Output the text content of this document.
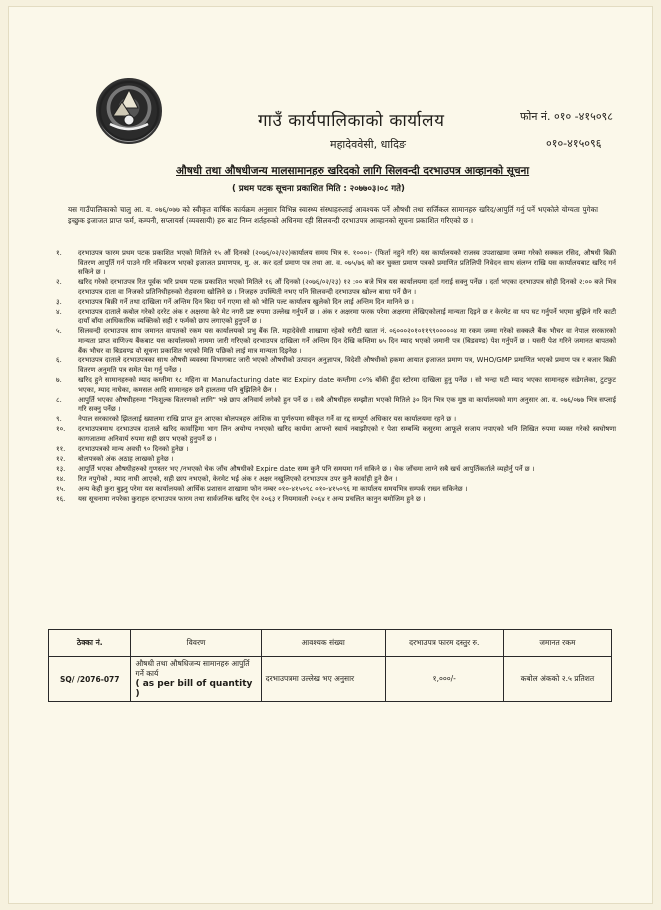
गाउँ कार्यपालिकाको कार्यालय
महादेववेसी, धादिङ
फोन नं. ०१० -४१५०९८
०१०-४१५०९६
औषधी तथा औषधीजन्य मालसामानहरु खरिदको लागि सिलवन्दी दरभाउपत्र आव्हानको सूचना
( प्रथम पटक सूचना प्रकाशित मिति : २०७७०३।०८ गते)
यस गाउँपालिकाको चालु आ. व. ०७६/०७७ को स्वीकृत वार्षिक कार्यक्रम अनुसार विभिन्न स्वास्थ्य संस्थाहरुलाई आवश्यक पर्ने औषधी तथा सर्जिकल सामानहरु खरिद/आपुर्ति गर्नु पर्ने भएकोले योग्यता पुगेका इच्छुक इजाजत प्राप्त फर्म, कम्पनी, सप्लायर्स (व्यवसायी) हरु बाट निम्न शर्तहरुको अधिनमा रही सिलवन्दी दरभाउपत्र आव्हानको सूचना प्रकाशित गरिएको छ ।
१.	दरभाउपत्र फारम प्रथम पटक प्रकाशित भएको मितिले १५ औं दिनको (२०७६/०२/२२)कार्यालय समय भित्र रु. १०००।- (फिर्ता नहुने गरि) यस कार्यालयको राजस्व उपशाखामा जम्मा गरेको सक्कल रसिद, औषधी बिक्री वितरण आपुर्ति गर्न पाउने गरि नविकरण भएको इजाजत प्रमाणपत्र, मु. अ. कर दर्ता प्रमाण पत्र तथा आ. व. ०७५/७६ को कर चुक्ता प्रमाण पत्रको प्रमाणित प्रतिलिपी निवेदन साथ संलग्न राखि यस कार्यालयबाट खरिद गर्न सकिने छ ।
२.	खरिद गरेको दरभाउपत्र रित पूर्वक भरि प्रथम पटक प्रकाशित भएको मितिले १६ औं दिनको (२०७६/०२/२३) १२ :०० बजे भित्र यस कार्यालयमा दर्ता गराई सक्नु पर्नेछ । दर्ता भएका दरभाउपत्र सोही दिनको २:०० बजे भित्र दरभाउपत्र दाता वा निजको प्रतिनिधीहरुको रोहवरमा खोलिने छ । निजहरु उपस्थिती नभए पनि सिलवन्दी दरभाउपत्र खोल्न बाधा पर्ने छैन ।
३.	दरभाउपत्र बिक्री गर्ने तथा दाखिला गर्ने अन्तिम दिन बिदा पर्न गएमा सो को भोलि पल्ट कार्यालय खुलेको दिन लाई अन्तिम दिन मानिने छ ।
४.	दरभाउपत्र दाताले कबोल गरेको दररेट अंक र अक्षरमा केरे मेट नगरी प्रष्ट रुपमा उल्लेख गर्नुपर्ने छ । अंक र अक्षरमा फरक परेमा अक्षरमा लेखिएकोलाई मान्यता दिइने छ र केरमेट वा थप घट गर्नुपर्ने भएमा बुझिने गरि काटी दायाँ बाँया आधिकारिक व्यक्तिको सही र फर्मको छाप लगाएको हुनुपर्ने छ ।
५.	सिलवन्दी दरभाउपत्र साथ जमानत वापतको रकम यस कार्यालयको प्रभु बैंक लि. महादेवेसी शाखामा रहेको धरौटी खाता नं. ०६०००२०१०११९९०००००४ मा रकम जम्मा गरेको सक्कलै बैंक भौचर वा नेपाल सरकारको मान्यता प्राप्त वाणिज्य बैंकबाट यस कार्यालयको नाममा जारी गरिएको दरभाउपत्र दाखिला गर्ने अन्तिम दिन देखि कम्तिमा ७५ दिन म्याद भएको जमानी पत्र (बिडवण्ड) पेश गर्नुपर्ने छ । यसरी पेश गरिने जमानत बापतको बैंक भौचर वा बिडवण्ड यो सूचना प्रकाशित भएको मिति पछिको लाई मात्र मान्यता दिइनेछ ।
६.	दरभाउपत्र दाताले दरभाउपत्रका साथ औषधी व्यवस्था विभागबाट जारी भएको औषधीको उत्पादन अनुज्ञापत्र, विदेशी औषधीको हकमा आयात इजाजत प्रमाण पत्र, WHO/GMP प्रमाणित भएको प्रमाण पत्र र बजार बिक्री वितरण अनुमति पत्र समेत पेश गर्नु पर्नेछ ।
७.	खरिद हुने सामानहरुको म्याद कम्तीमा १८ महिना वा Manufacturing date बाट Expiry date कम्तीमा ८०% बाँकी हुँदा स्टोरमा दाखिला हुनु पर्नेछ । सो भन्दा घटी म्याद भएका सामानहरु सडेगलेका, टुटफुट भएका, म्याद नाघेका, कमसल आदि सामानहरु छनै हालतमा पनि बुझिलिने छैन ।
८.	आपुर्ति भएका औषधीहरुमा "निःशुल्क वितरणको लागि" भन्ने छाप अनिवार्य लगेको हुन पर्ने छ । सबै औषधीहरु सम्झौता भएको मितिले ३० दिन भित्र एक मुष्ठ वा कार्यालयको माग अनुसार आ. व. ०७६/०७७ भित्र सप्लाई गरि सक्नु पर्नेछ ।
९.	नेपाल सरकारको झितलाई ख्यालमा राखि प्राप्त हुन आएका बोलपत्रहरु आंशिक वा पूर्णरुपमा स्वीकृत गर्ने वा रद्द सम्पूर्ण अधिकार यस कार्यालयमा रहने छ ।
१०.	दरभाउपत्रमाथ दरभाउपत्र दाताले खरिद कार्वाहिमा भाग लिन अयोग्य नभएको खरिद कार्यमा आफ्नो स्वार्थ नबाझीएको र पेशा सम्बन्धि कसुरमा आफूले सजाय नपाएको भनि लिखित रुपमा व्यक्त गरेको स्वघोषणा कागजातमा अनिवार्य रुपमा सही छाप भएको हुनुपर्ने छ ।
११.	दरभाउपत्रको मान्य अवधी ९० दिनको हुनेछ ।
१२.	बोलपत्रको अंक अठाह लाखको हुनेछ ।
१३.	आपुर्ति भएका औषधीहरुको गुणस्तर भए /नभएको चेक जाँच औषधीको Expire date सम्म कुनै पनि समयमा गर्न सकिने छ । चेक जाँचमा लाग्ने सबै खर्च आपुर्तिकर्ताले व्यहोर्नु पर्ने छ ।
१४.	रित नपुगेको , म्याद नाघी आएको, सही छाप नभएको, केरमेट भई अंक र अक्षर नखुलिएको दरभाउपत्र उपर कुनै कार्वाही हुने छैन ।
१५.	अन्य केही कुरा बुझ्नु परेमा यस कार्यालयको आर्थिक प्रशासन शाखामा फोन नम्बर ०१०-४१५०९८ ०१०-४१५०९६ मा कार्यालय समयभित्र सम्पर्क राख्न सकिनेछ ।
१६.	यस सूचनामा नपरेका कुराहरु दरभाउपत्र फारम तथा सार्वजनिक खरिद ऐन २०६३ र नियमावली २०६४ र अन्य प्रचलित कानुन बमोजिम हुने छ ।
ठेक्का नं.	विवरण	आवश्यक संख्या	दरभाउपत्र फारम दस्तुर रु.	जमानत रकम
SQ/ /2076-077	औषधी तथा औषधिजन्य सामानहरु आपुर्ति गर्ने कार्य
( as per bill of quantity )	दरभाउपत्रमा उल्लेख भए अनुसार	१,०००/-	कबोल अंकको २.५ प्रतिशत
